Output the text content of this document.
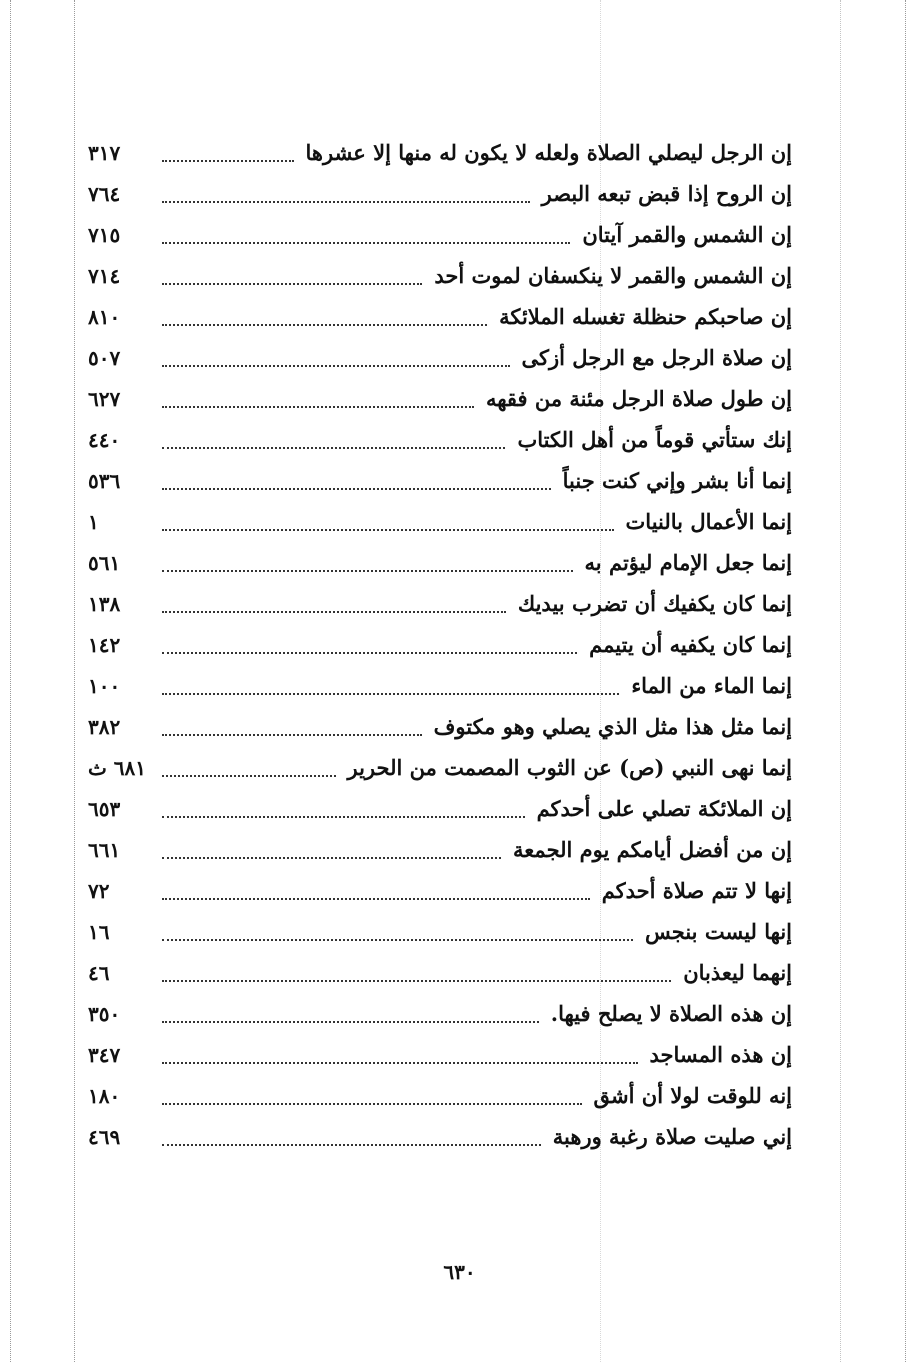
إن الرجل ليصلي الصلاة ولعله لا يكون له منها إلا عشرها
٣١٧
إن الروح إذا قبض تبعه البصر
٧٦٤
إن الشمس والقمر آيتان
٧١٥
إن الشمس والقمر لا ينكسفان لموت أحد
٧١٤
إن صاحبكم حنظلة تغسله الملائكة
٨١٠
إن صلاة الرجل مع الرجل أزكى
٥٠٧
إن طول صلاة الرجل مئنة من فقهه
٦٢٧
إنك ستأتي قوماً من أهل الكتاب
٤٤٠
إنما أنا بشر وإني كنت جنباً
٥٣٦
إنما الأعمال بالنيات
١
إنما جعل الإمام ليؤتم به
٥٦١
إنما كان يكفيك أن تضرب بيديك
١٣٨
إنما كان يكفيه أن يتيمم
١٤٢
إنما الماء من الماء
١٠٠
إنما مثل هذا مثل الذي يصلي وهو مكتوف
٣٨٢
إنما نهى النبي (ص) عن الثوب المصمت من الحرير
٦٨١ ث
إن الملائكة تصلي على أحدكم
٦٥٣
إن من أفضل أيامكم يوم الجمعة
٦٦١
إنها لا تتم صلاة أحدكم
٧٢
إنها ليست بنجس
١٦
إنهما ليعذبان
٤٦
إن هذه الصلاة لا يصلح فيها.
٣٥٠
إن هذه المساجد
٣٤٧
إنه للوقت لولا أن أشق
١٨٠
إني صليت صلاة رغبة ورهبة
٤٦٩
٦٣٠
